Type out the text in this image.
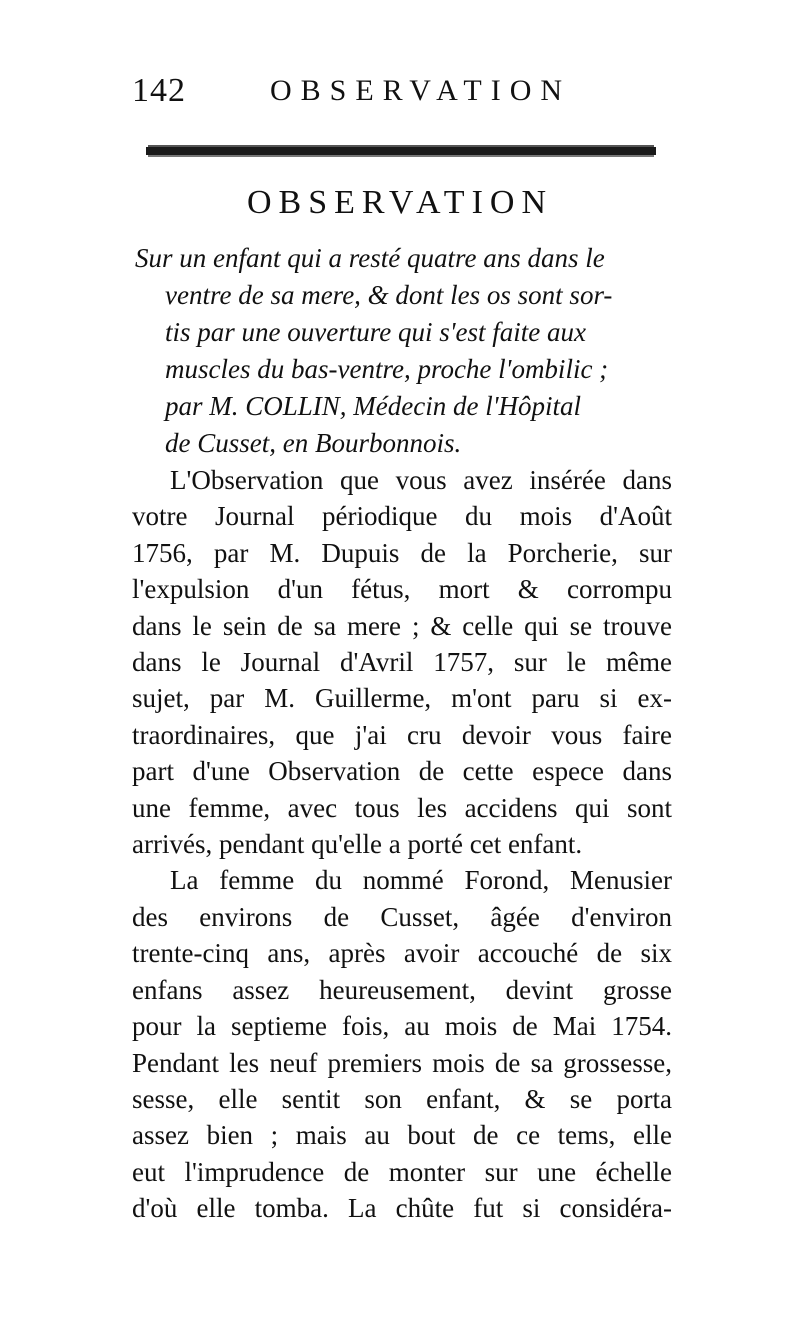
142	OBSERVATION
OBSERVATION
Sur un enfant qui a resté quatre ans dans le
ventre de sa mere, & dont les os sont sor-
tis par une ouverture qui s'est faite aux
muscles du bas-ventre, proche l'ombilic ;
par M. COLLIN, Médecin de l'Hôpital
de Cusset, en Bourbonnois.
L'Observation que vous avez insérée dans
votre Journal périodique du mois d'Août
1756, par M. Dupuis de la Porcherie, sur
l'expulsion d'un fétus, mort & corrompu
dans le sein de sa mere ; & celle qui se trouve
dans le Journal d'Avril 1757, sur le même
sujet, par M. Guillerme, m'ont paru si ex-
traordinaires, que j'ai cru devoir vous faire
part d'une Observation de cette espece dans
une femme, avec tous les accidens qui sont
arrivés, pendant qu'elle a porté cet enfant.
La femme du nommé Forond, Menusier
des environs de Cusset, âgée d'environ
trente-cinq ans, après avoir accouché de six
enfans assez heureusement, devint grosse
pour la septieme fois, au mois de Mai 1754.
Pendant les neuf premiers mois de sa grossesse,
sesse, elle sentit son enfant, & se porta
assez bien ; mais au bout de ce tems, elle
eut l'imprudence de monter sur une échelle
d'où elle tomba. La chûte fut si considéra-
